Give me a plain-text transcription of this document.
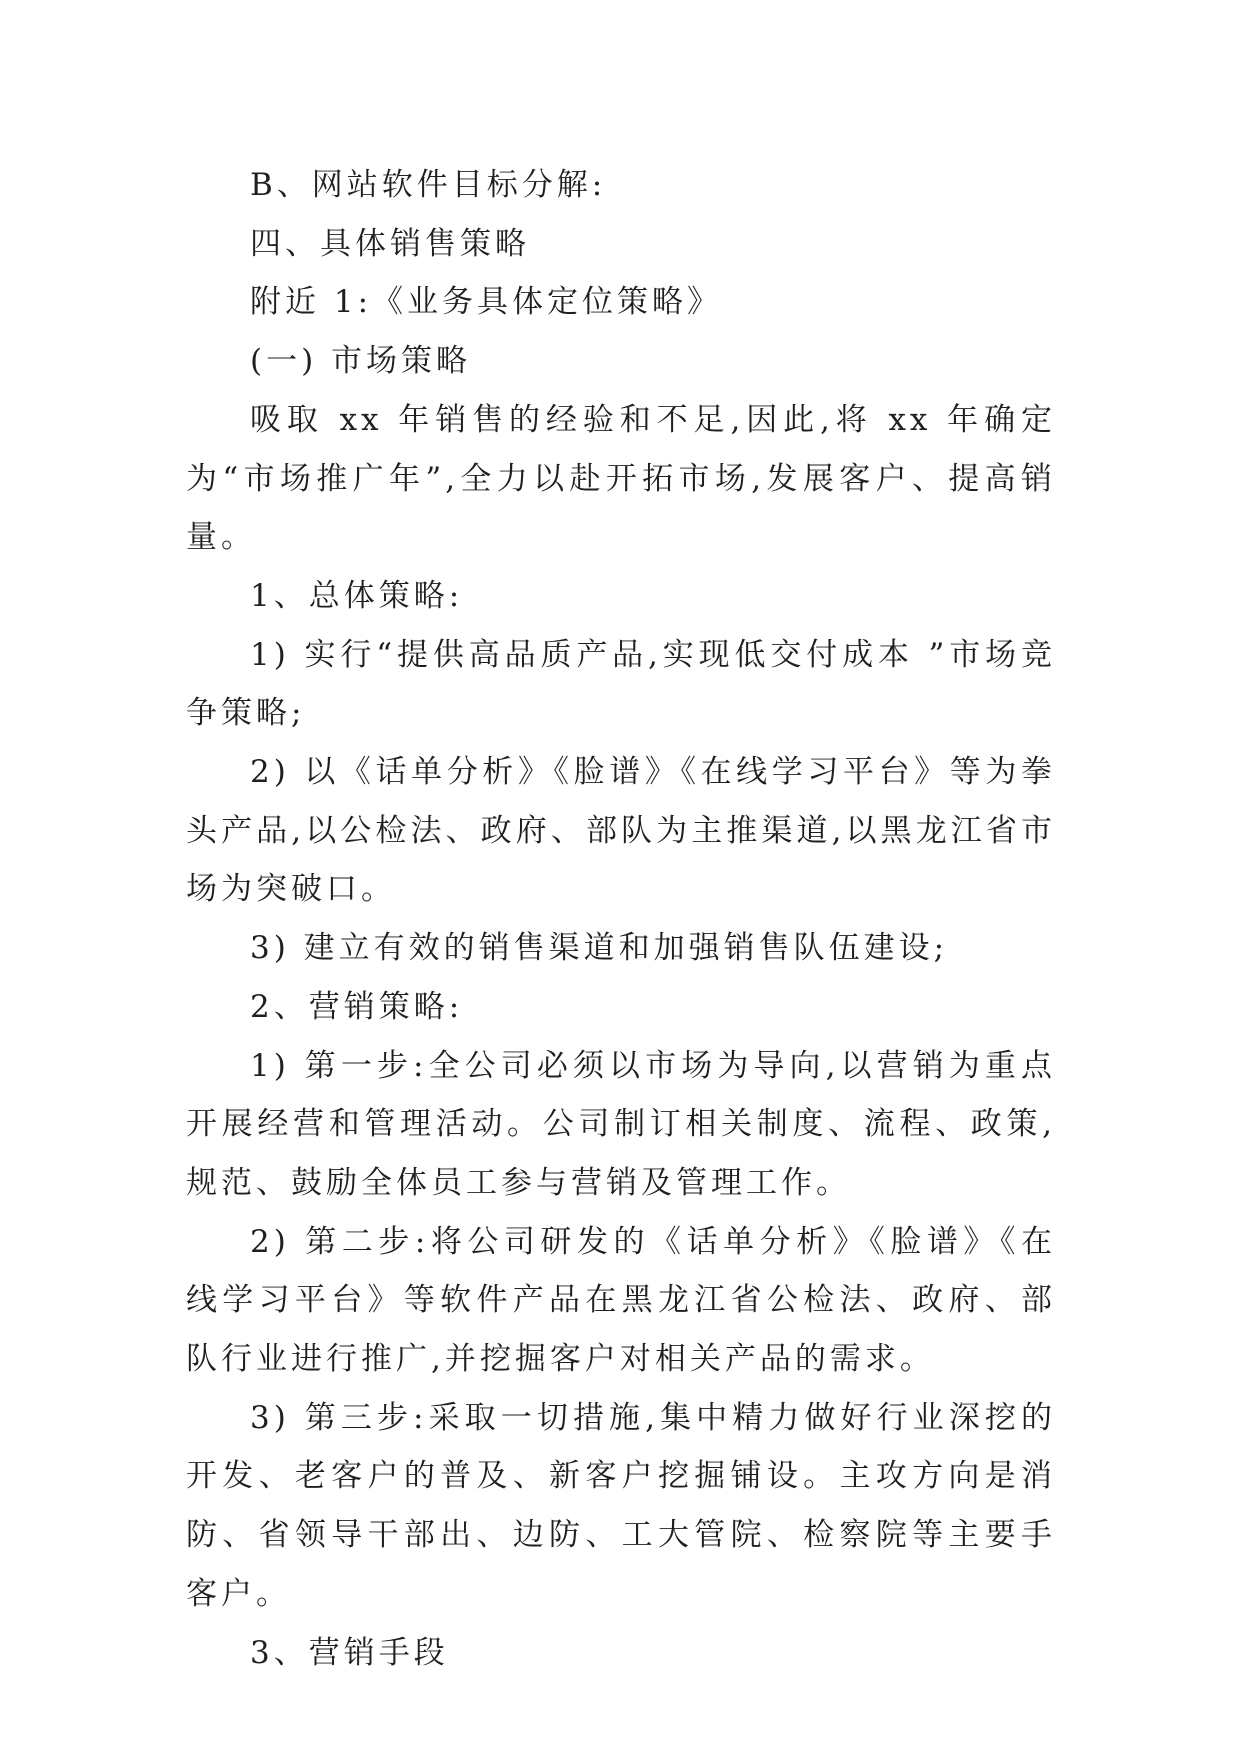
B、网站软件目标分解:

四、具体销售策略

附近 1:《业务具体定位策略》

(一) 市场策略

吸取 xx 年销售的经验和不足,因此,将 xx 年确定为“市场推广年”,全力以赴开拓市场,发展客户、提高销量。

1、总体策略:

1) 实行“提供高品质产品,实现低交付成本 ”市场竞争策略;

2) 以《话单分析》《脸谱》《在线学习平台》等为拳头产品,以公检法、政府、部队为主推渠道,以黑龙江省市场为突破口。

3) 建立有效的销售渠道和加强销售队伍建设;

2、营销策略:

1) 第一步:全公司必须以市场为导向,以营销为重点开展经营和管理活动。公司制订相关制度、流程、政策,规范、鼓励全体员工参与营销及管理工作。

2) 第二步:将公司研发的《话单分析》《脸谱》《在线学习平台》等软件产品在黑龙江省公检法、政府、部队行业进行推广,并挖掘客户对相关产品的需求。

3) 第三步:采取一切措施,集中精力做好行业深挖的开发、老客户的普及、新客户挖掘铺设。主攻方向是消防、省领导干部出、边防、工大管院、检察院等主要手客户。

3、营销手段
